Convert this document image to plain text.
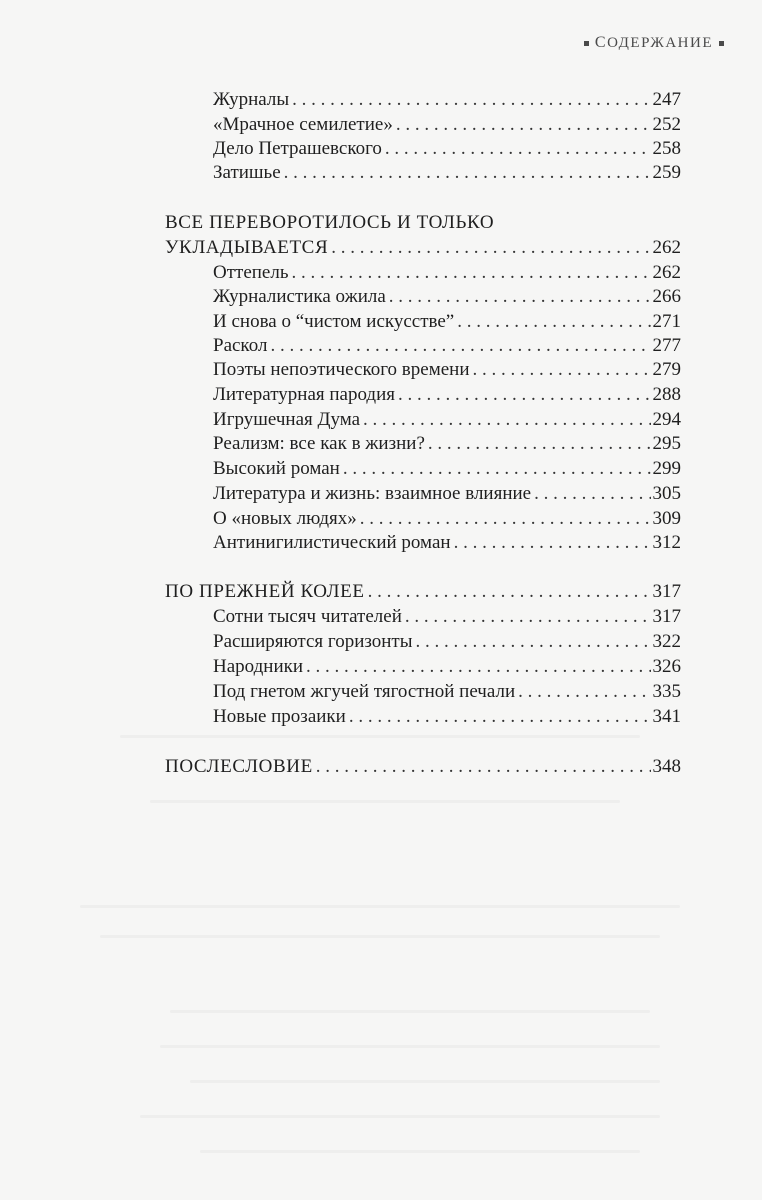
СОДЕРЖАНИЕ
Журналы . . .	247
«Мрачное семилетие» . . .	252
Дело Петрашевского . . .	258
Затишье . . .	259
ВСЕ ПЕРЕВОРОТИЛОСЬ И ТОЛЬКО
УКЛАДЫВАЕТСЯ . . .	262
Оттепель . . .	262
Журналистика ожила . . .	266
И снова о “чистом искусстве” . . .	271
Раскол . . .	277
Поэты непоэтического времени . . .	279
Литературная пародия . . .	288
Игрушечная Дума . . .	294
Реализм: все как в жизни? . . .	295
Высокий роман . . .	299
Литература и жизнь: взаимное влияние . . .	305
О «новых людях» . . .	309
Антинигилистический роман . . .	312
ПО ПРЕЖНЕЙ КОЛЕЕ . . .	317
Сотни тысяч читателей . . .	317
Расширяются горизонты . . .	322
Народники . . .	326
Под гнетом жгучей тягостной печали . . .	335
Новые прозаики . . .	341
ПОСЛЕСЛОВИЕ . . .	348
